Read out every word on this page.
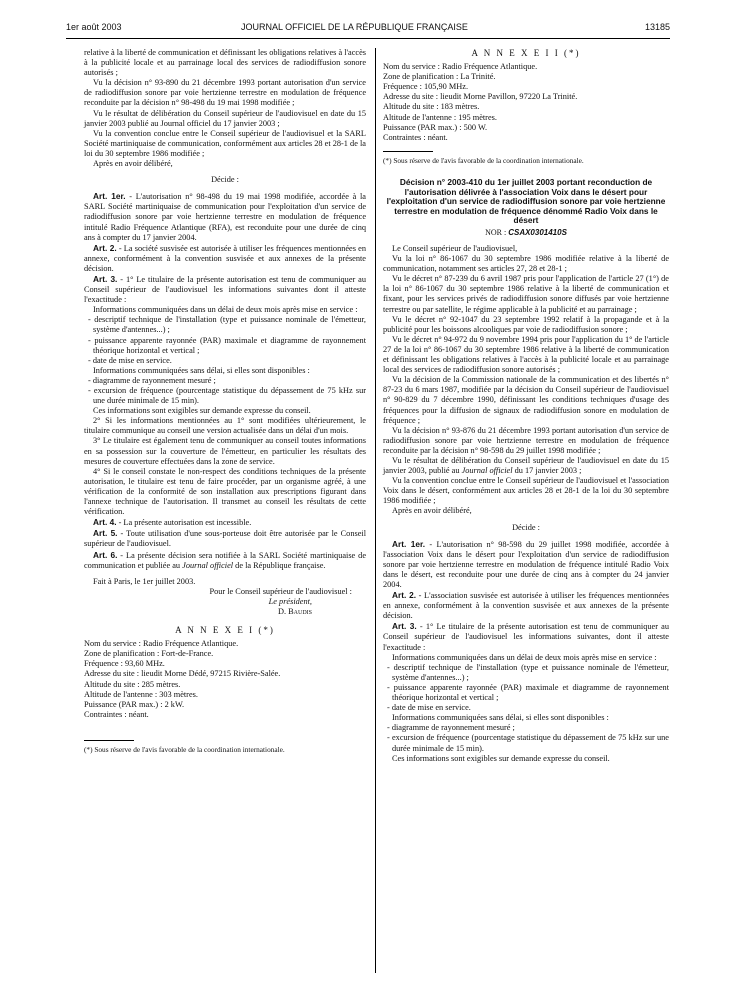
1er août 2003	JOURNAL OFFICIEL DE LA RÉPUBLIQUE FRANÇAISE	13185

relative à la liberté de communication et définissant les obligations relatives à l'accès à la publicité locale et au parrainage local des services de radiodiffusion sonore autorisés ;

Vu la décision n° 93-890 du 21 décembre 1993 portant autorisation d'un service de radiodiffusion sonore par voie hertzienne terrestre en modulation de fréquence reconduite par la décision n° 98-498 du 19 mai 1998 modifiée ;

Vu le résultat de délibération du Conseil supérieur de l'audiovisuel en date du 15 janvier 2003 publié au Journal officiel du 17 janvier 2003 ;

Vu la convention conclue entre le Conseil supérieur de l'audiovisuel et la SARL Société martiniquaise de communication, conformément aux articles 28 et 28-1 de la loi du 30 septembre 1986 modifiée ;

Après en avoir délibéré,

Décide :

Art. 1er. - L'autorisation n° 98-498 du 19 mai 1998 modifiée, accordée à la SARL Société martiniquaise de communication pour l'exploitation d'un service de radiodiffusion sonore par voie hertzienne terrestre en modulation de fréquence intitulé Radio Fréquence Atlantique (RFA), est reconduite pour une durée de cinq ans à compter du 17 janvier 2004.

Art. 2. - La société susvisée est autorisée à utiliser les fréquences mentionnées en annexe, conformément à la convention susvisée et aux annexes de la présente décision.

Art. 3. - 1° Le titulaire de la présente autorisation est tenu de communiquer au Conseil supérieur de l'audiovisuel les informations suivantes dont il atteste l'exactitude :

Informations communiquées dans un délai de deux mois après mise en service :

- descriptif technique de l'installation (type et puissance nominale de l'émetteur, système d'antennes...) ;

- puissance apparente rayonnée (PAR) maximale et diagramme de rayonnement théorique horizontal et vertical ;

- date de mise en service.

Informations communiquées sans délai, si elles sont disponibles :

- diagramme de rayonnement mesuré ;

- excursion de fréquence (pourcentage statistique du dépassement de 75 kHz sur une durée minimale de 15 min).

Ces informations sont exigibles sur demande expresse du conseil.

2° Si les informations mentionnées au 1° sont modifiées ultérieurement, le titulaire communique au conseil une version actualisée dans un délai d'un mois.

3° Le titulaire est également tenu de communiquer au conseil toutes informations en sa possession sur la couverture de l'émetteur, en particulier les résultats des mesures de couverture effectuées dans la zone de service.

4° Si le conseil constate le non-respect des conditions techniques de la présente autorisation, le titulaire est tenu de faire procéder, par un organisme agréé, à une vérification de la conformité de son installation aux prescriptions figurant dans l'annexe technique de l'autorisation. Il transmet au conseil les résultats de cette vérification.

Art. 4. - La présente autorisation est incessible.

Art. 5. - Toute utilisation d'une sous-porteuse doit être autorisée par le Conseil supérieur de l'audiovisuel.

Art. 6. - La présente décision sera notifiée à la SARL Société martiniquaise de communication et publiée au Journal officiel de la République française.

Fait à Paris, le 1er juillet 2003.

Pour le Conseil supérieur de l'audiovisuel :

Le président,

D. Baudis

A N N E X E I (*)

Nom du service : Radio Fréquence Atlantique.

Zone de planification : Fort-de-France.

Fréquence : 93,60 MHz.

Adresse du site : lieudit Morne Dédé, 97215 Rivière-Salée.

Altitude du site : 285 mètres.

Altitude de l'antenne : 303 mètres.

Puissance (PAR max.) : 2 kW.

Contraintes : néant.

(*) Sous réserve de l'avis favorable de la coordination internationale.

A N N E X E I I (*)

Nom du service : Radio Fréquence Atlantique.

Zone de planification : La Trinité.

Fréquence : 105,90 MHz.

Adresse du site : lieudit Morne Pavillon, 97220 La Trinité.

Altitude du site : 183 mètres.

Altitude de l'antenne : 195 mètres.

Puissance (PAR max.) : 500 W.

Contraintes : néant.

(*) Sous réserve de l'avis favorable de la coordination internationale.

Décision n° 2003-410 du 1er juillet 2003 portant reconduction de l'autorisation délivrée à l'association Voix dans le désert pour l'exploitation d'un service de radiodiffusion sonore par voie hertzienne terrestre en modulation de fréquence dénommé Radio Voix dans le désert

NOR : CSAX0301410S

Le Conseil supérieur de l'audiovisuel,

Vu la loi n° 86-1067 du 30 septembre 1986 modifiée relative à la liberté de communication, notamment ses articles 27, 28 et 28-1 ;

Vu le décret n° 87-239 du 6 avril 1987 pris pour l'application de l'article 27 (1°) de la loi n° 86-1067 du 30 septembre 1986 relative à la liberté de communication et fixant, pour les services privés de radiodiffusion sonore diffusés par voie hertzienne terrestre ou par satellite, le régime applicable à la publicité et au parrainage ;

Vu le décret n° 92-1047 du 23 septembre 1992 relatif à la propagande et à la publicité pour les boissons alcooliques par voie de radiodiffusion sonore ;

Vu le décret n° 94-972 du 9 novembre 1994 pris pour l'application du 1° de l'article 27 de la loi n° 86-1067 du 30 septembre 1986 relative à la liberté de communication et définissant les obligations relatives à l'accès à la publicité locale et au parrainage local des services de radiodiffusion sonore autorisés ;

Vu la décision de la Commission nationale de la communication et des libertés n° 87-23 du 6 mars 1987, modifiée par la décision du Conseil supérieur de l'audiovisuel n° 90-829 du 7 décembre 1990, définissant les conditions techniques d'usage des fréquences pour la diffusion de signaux de radiodiffusion sonore en modulation de fréquence ;

Vu la décision n° 93-876 du 21 décembre 1993 portant autorisation d'un service de radiodiffusion sonore par voie hertzienne terrestre en modulation de fréquence reconduite par la décision n° 98-598 du 29 juillet 1998 modifiée ;

Vu le résultat de délibération du Conseil supérieur de l'audiovisuel en date du 15 janvier 2003, publié au Journal officiel du 17 janvier 2003 ;

Vu la convention conclue entre le Conseil supérieur de l'audiovisuel et l'association Voix dans le désert, conformément aux articles 28 et 28-1 de la loi du 30 septembre 1986 modifiée ;

Après en avoir délibéré,

Décide :

Art. 1er. - L'autorisation n° 98-598 du 29 juillet 1998 modifiée, accordée à l'association Voix dans le désert pour l'exploitation d'un service de radiodiffusion sonore par voie hertzienne terrestre en modulation de fréquence intitulé Radio Voix dans le désert, est reconduite pour une durée de cinq ans à compter du 24 janvier 2004.

Art. 2. - L'association susvisée est autorisée à utiliser les fréquences mentionnées en annexe, conformément à la convention susvisée et aux annexes de la présente décision.

Art. 3. - 1° Le titulaire de la présente autorisation est tenu de communiquer au Conseil supérieur de l'audiovisuel les informations suivantes, dont il atteste l'exactitude :

Informations communiquées dans un délai de deux mois après mise en service :

- descriptif technique de l'installation (type et puissance nominale de l'émetteur, système d'antennes...) ;

- puissance apparente rayonnée (PAR) maximale et diagramme de rayonnement théorique horizontal et vertical ;

- date de mise en service.

Informations communiquées sans délai, si elles sont disponibles :

- diagramme de rayonnement mesuré ;

- excursion de fréquence (pourcentage statistique du dépassement de 75 kHz sur une durée minimale de 15 min).

Ces informations sont exigibles sur demande expresse du conseil.
